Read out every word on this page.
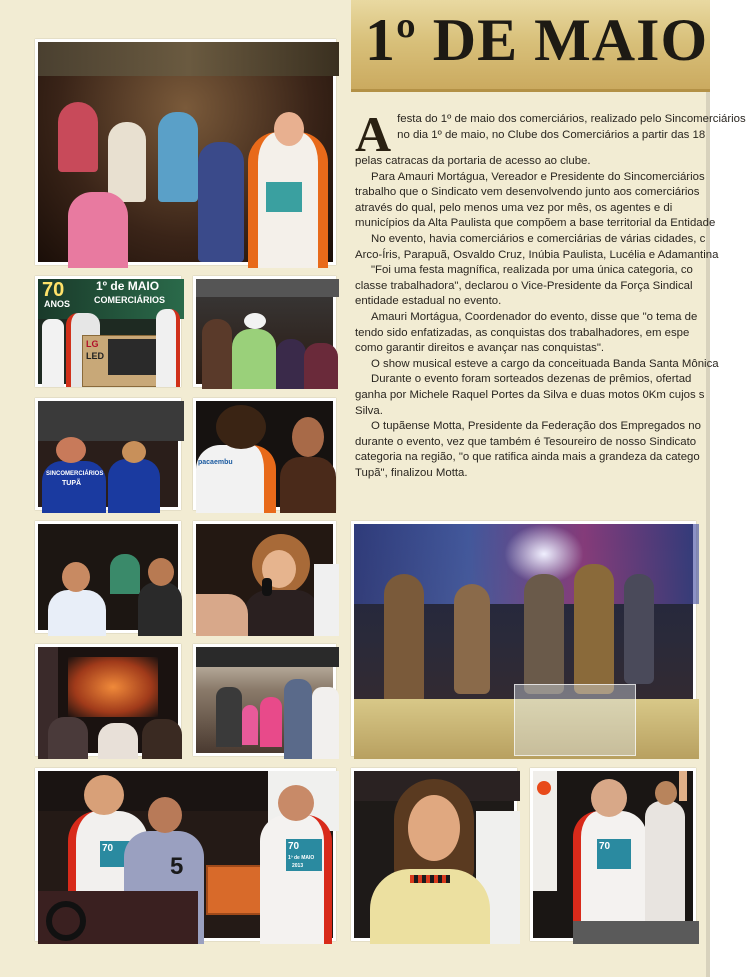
1º DE MAIO
A festa do 1º de maio dos comerciários, realizado pelo Sincomerciários
no dia 1º de maio, no Clube dos Comerciários a partir das 18

pelas catracas da portaria de acesso ao clube.

Para Amauri Mortágua, Vereador e Presidente do Sincomerciários

trabalho que o Sindicato vem desenvolvendo junto aos comerciários

através do qual, pelo menos uma vez por mês, os agentes e di

municípios da Alta Paulista que compõem a base territorial da Entidade

No evento, havia comerciários e comerciárias de várias cidades, c

Arco-Íris, Parapuã, Osvaldo Cruz, Inúbia Paulista, Lucélia e Adamantina

"Foi uma festa magnífica, realizada por uma única categoria, co

classe trabalhadora", declarou o Vice-Presidente da Força Sindical

entidade estadual no evento.

Amauri Mortágua, Coordenador do evento, disse que "o tema de

tendo sido enfatizadas, as conquistas dos trabalhadores, em espe

como garantir direitos e avançar nas conquistas".

O show musical esteve a cargo da conceituada Banda Santa Mônica

Durante o evento foram sorteados dezenas de prêmios, ofertad

ganha por Michele Raquel Portes da Silva e duas motos 0Km cujos s

Silva.

O tupãense Motta, Presidente da Federação dos Empregados no

durante o evento, vez que também é Tesoureiro de nosso Sindicato

categoria na região, "o que ratifica ainda mais a grandeza da catego

Tupã", finalizou Motta.

70
ANOS
1º de MAIO
COMERCIÁRIOS
LG
LED
SINCOMERCIÁRIOS
TUPÃ
pacaembu
70
5
70
1º de MAIO
2013
70
